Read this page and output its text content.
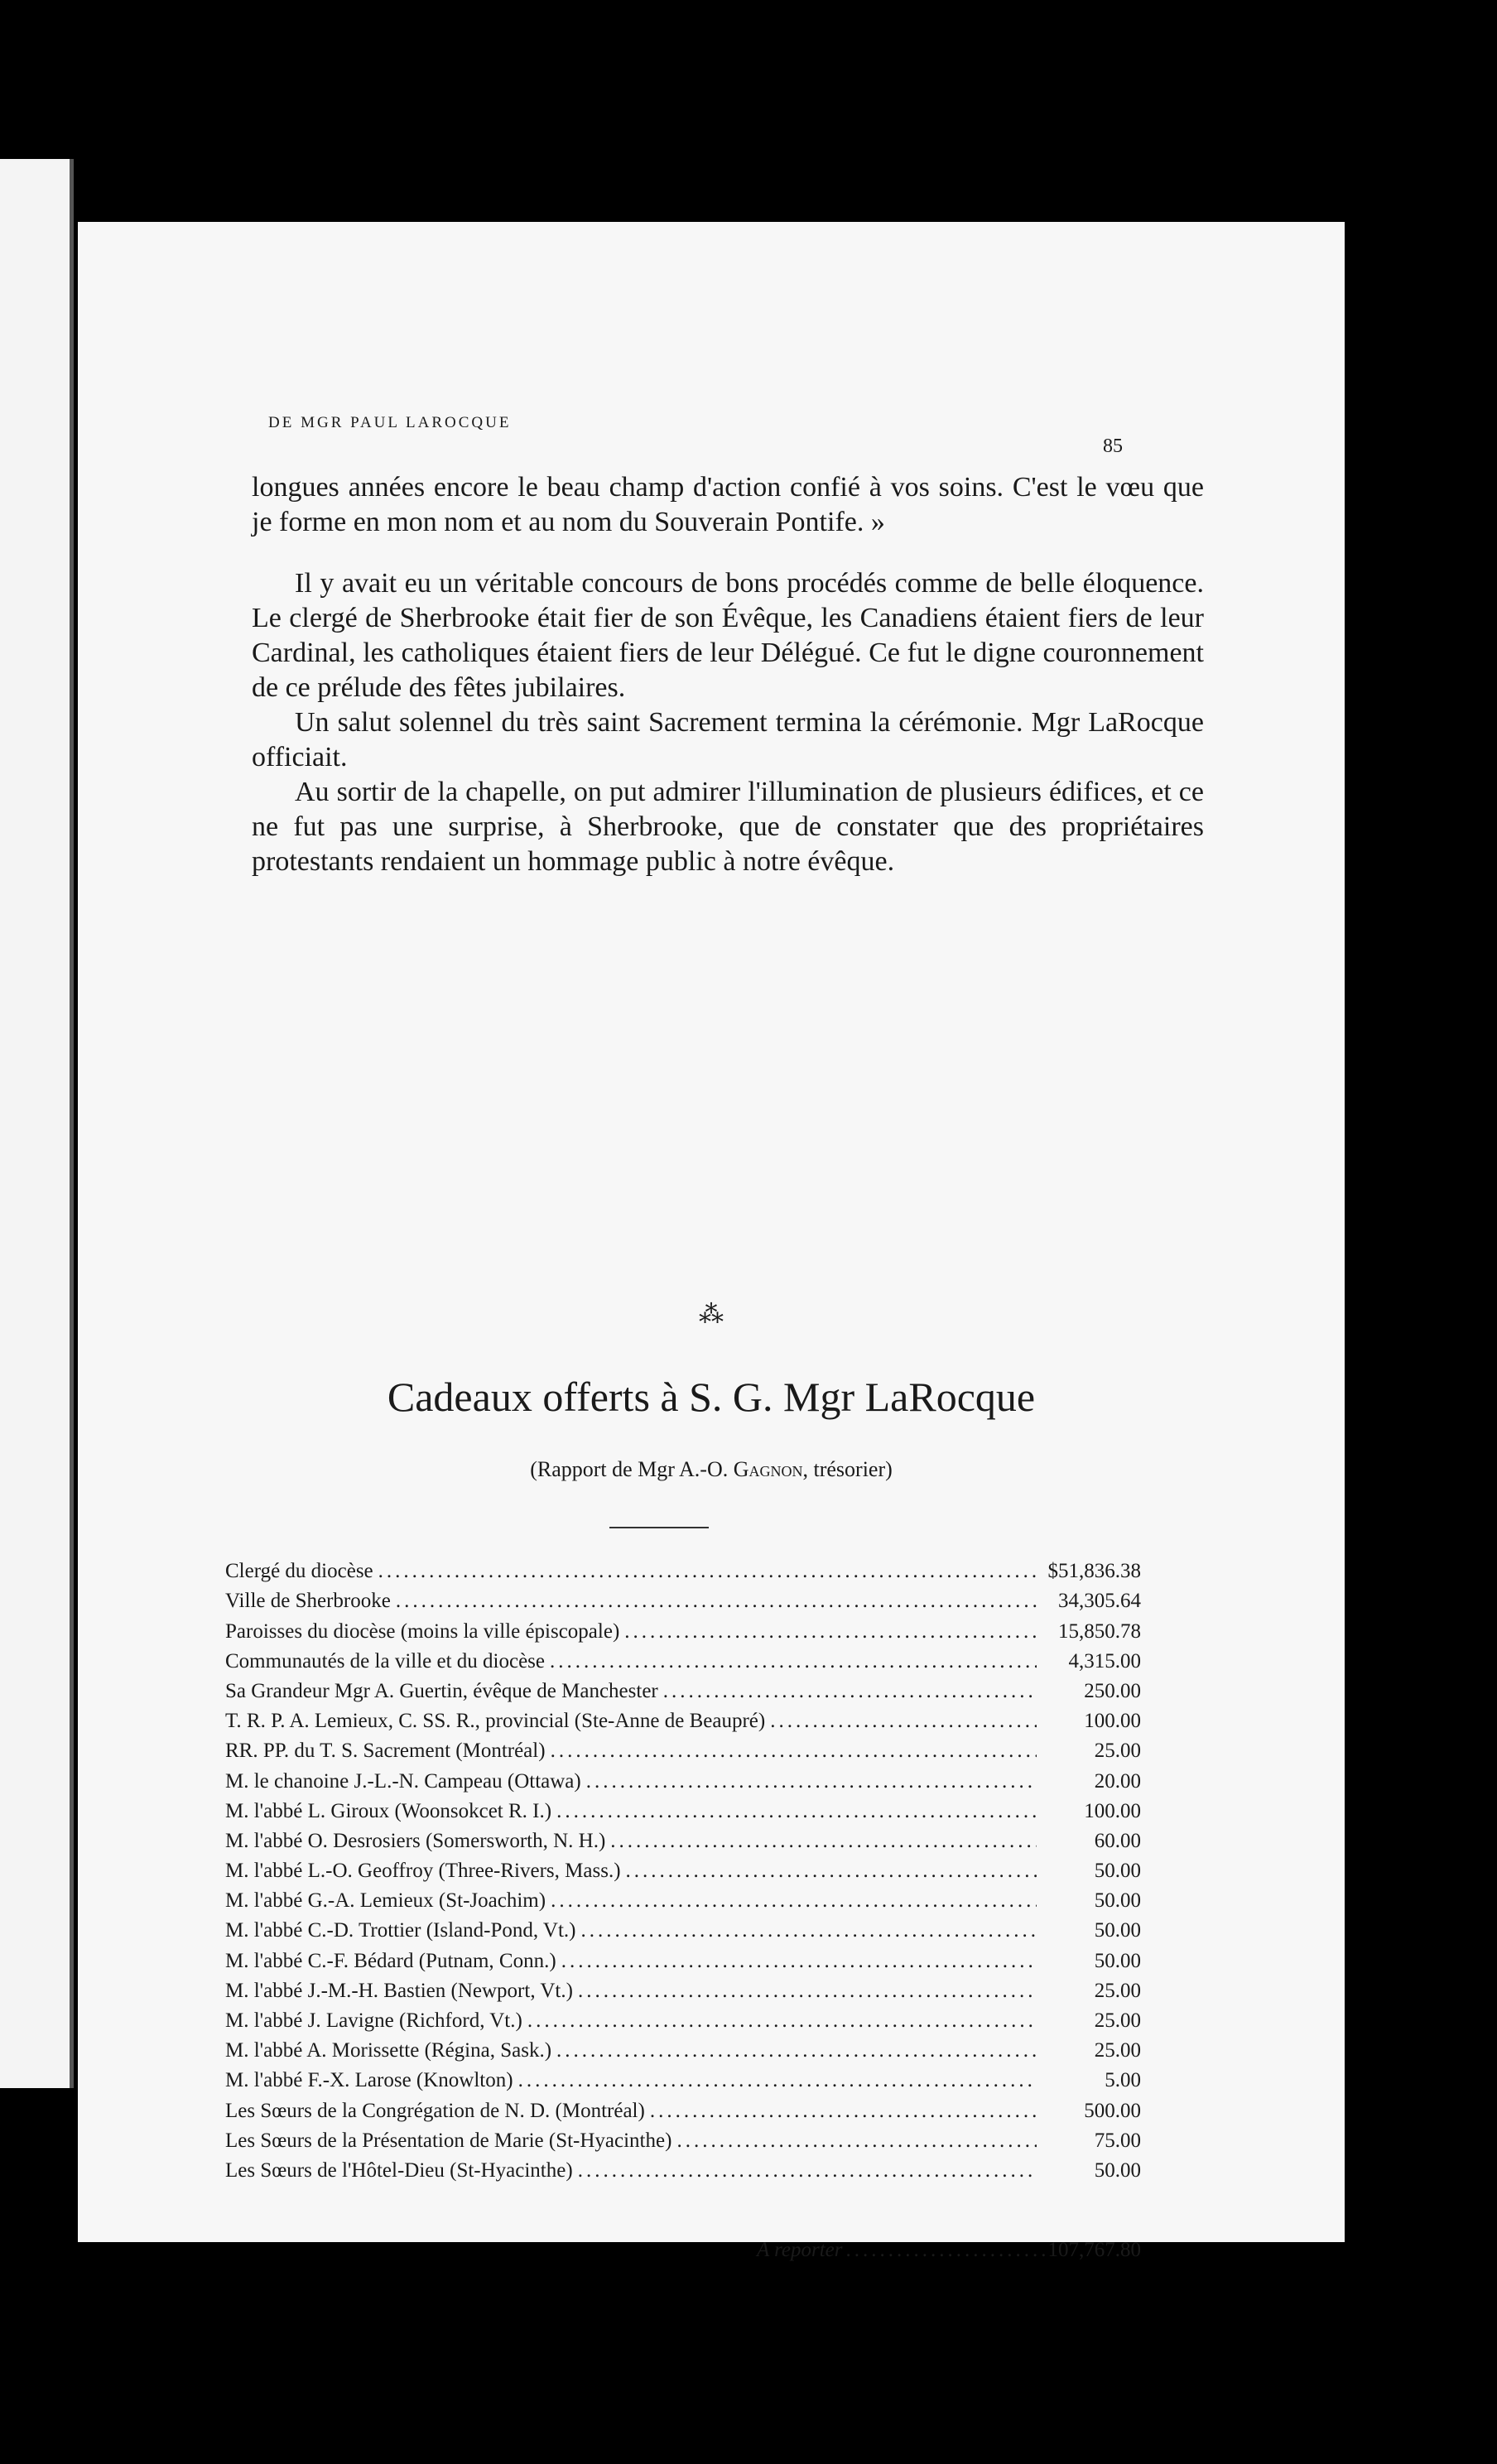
DE MGR PAUL LAROCQUE
85

longues années encore le beau champ d'action confié à vos soins. C'est le vœu que je forme en mon nom et au nom du Souverain Pontife. »

Il y avait eu un véritable concours de bons procédés comme de belle éloquence. Le clergé de Sherbrooke était fier de son Évêque, les Canadiens étaient fiers de leur Cardinal, les catholiques étaient fiers de leur Délégué. Ce fut le digne couronnement de ce prélude des fêtes jubilaires.

Un salut solennel du très saint Sacrement termina la cérémonie. Mgr LaRocque officiait.

Au sortir de la chapelle, on put admirer l'illumination de plusieurs édifices, et ce ne fut pas une surprise, à Sherbrooke, que de constater que des propriétaires protestants rendaient un hommage public à notre évêque.

⁂
Cadeaux offerts à S. G. Mgr LaRocque
(Rapport de Mgr A.-O. Gagnon, trésorier)
Clergé du diocèse .....	$51,836.38
Ville de Sherbrooke .....	34,305.64
Paroisses du diocèse (moins la ville épiscopale) .....	15,850.78
Communautés de la ville et du diocèse .....	4,315.00
Sa Grandeur Mgr A. Guertin, évêque de Manchester .....	250.00
T. R. P. A. Lemieux, C. SS. R., provincial (Ste-Anne de Beaupré) .....	100.00
RR. PP. du T. S. Sacrement (Montréal) .....	25.00
M. le chanoine J.-L.-N. Campeau (Ottawa) .....	20.00
M. l'abbé L. Giroux (Woonsokcet R. I.) .....	100.00
M. l'abbé O. Desrosiers (Somersworth, N. H.) .....	60.00
M. l'abbé L.-O. Geoffroy (Three-Rivers, Mass.) .....	50.00
M. l'abbé G.-A. Lemieux (St-Joachim) .....	50.00
M. l'abbé C.-D. Trottier (Island-Pond, Vt.) .....	50.00
M. l'abbé C.-F. Bédard (Putnam, Conn.) .....	50.00
M. l'abbé J.-M.-H. Bastien (Newport, Vt.) .....	25.00
M. l'abbé J. Lavigne (Richford, Vt.) .....	25.00
M. l'abbé A. Morissette (Régina, Sask.) .....	25.00
M. l'abbé F.-X. Larose (Knowlton) .....	5.00
Les Sœurs de la Congrégation de N. D. (Montréal) .....	500.00
Les Sœurs de la Présentation de Marie (St-Hyacinthe) .....	75.00
Les Sœurs de l'Hôtel-Dieu (St-Hyacinthe) .....	50.00
A reporter .....	107,767.80
